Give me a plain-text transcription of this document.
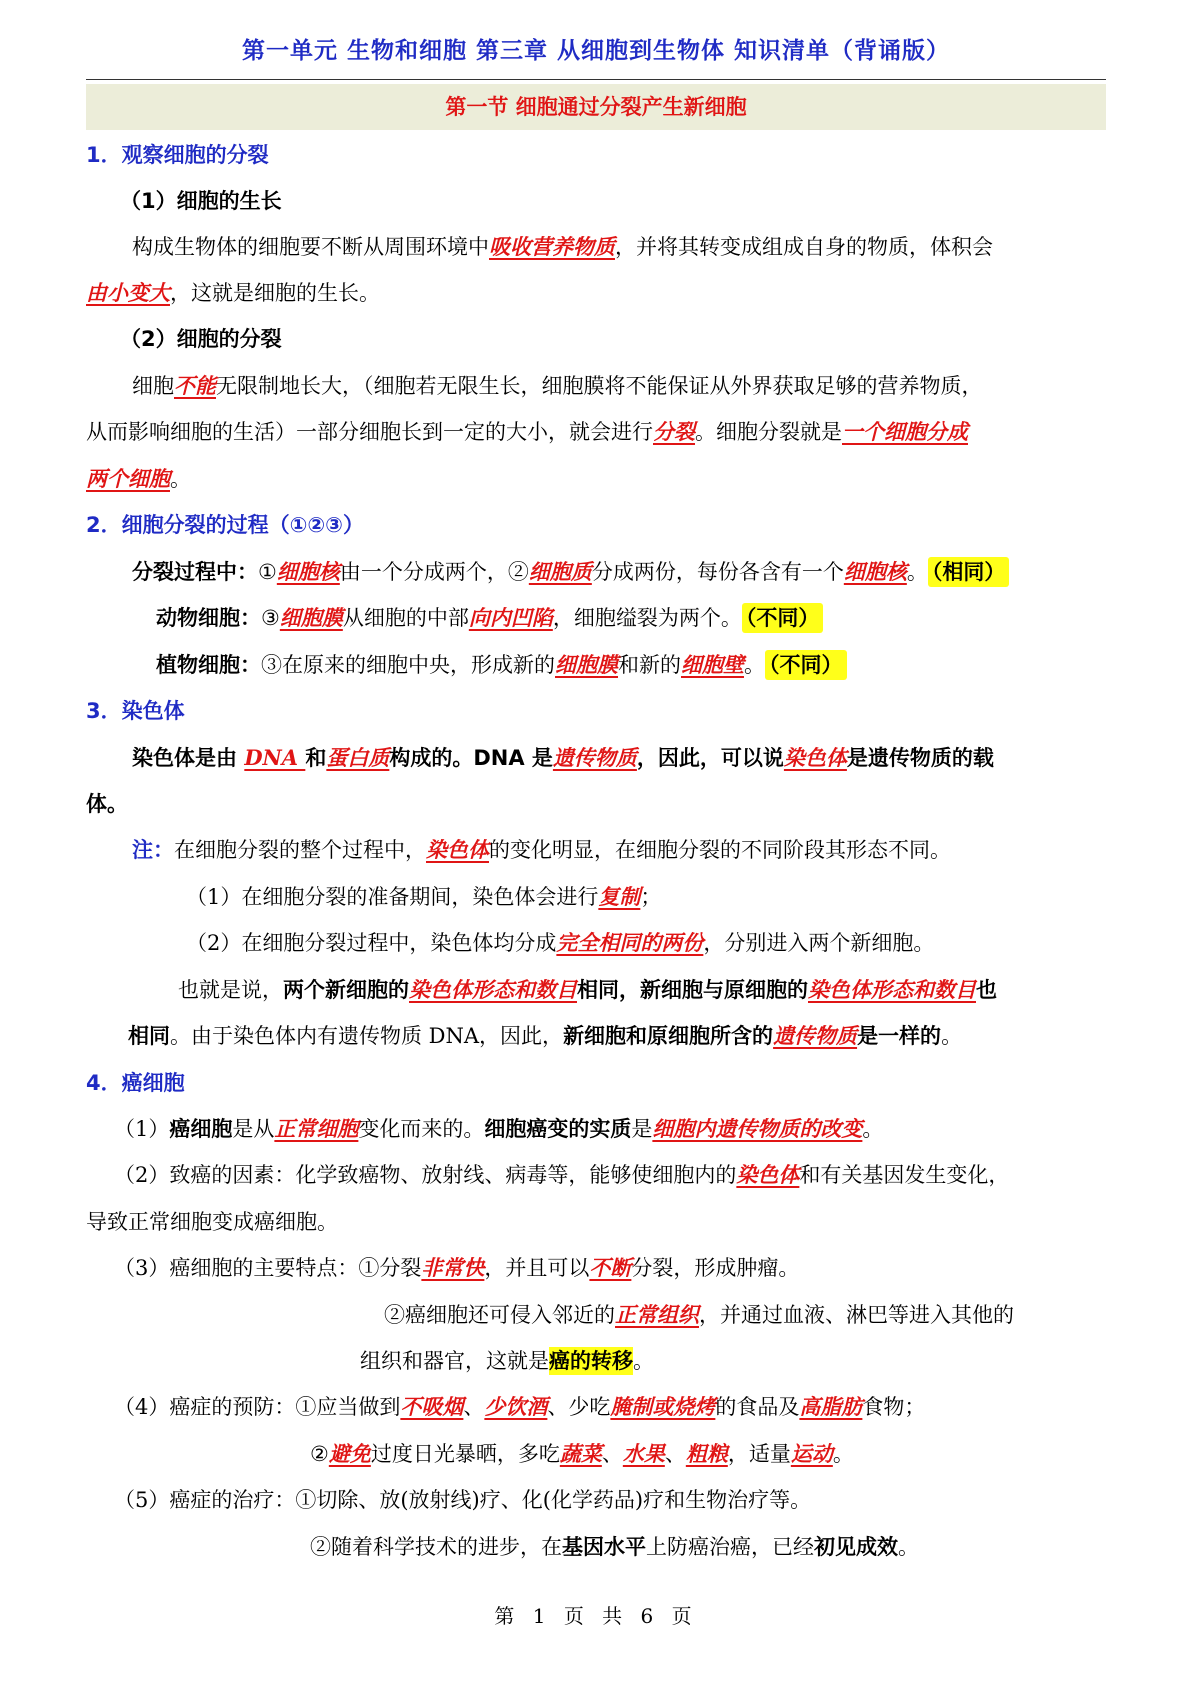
第一单元 生物和细胞 第三章 从细胞到生物体 知识清单（背诵版）
第一节 细胞通过分裂产生新细胞
1．观察细胞的分裂
（1）细胞的生长
构成生物体的细胞要不断从周围环境中吸收营养物质，并将其转变成组成自身的物质，体积会
由小变大，这就是细胞的生长。
（2）细胞的分裂
细胞不能无限制地长大，（细胞若无限生长，细胞膜将不能保证从外界获取足够的营养物质，
从而影响细胞的生活）一部分细胞长到一定的大小，就会进行分裂。细胞分裂就是一个细胞分成
两个细胞。
2．细胞分裂的过程（①②③）
分裂过程中：①细胞核由一个分成两个，②细胞质分成两份，每份各含有一个细胞核。 （相同）
动物细胞：③细胞膜从细胞的中部向内凹陷，细胞缢裂为两个。 （不同）
植物细胞：③在原来的细胞中央，形成新的细胞膜和新的细胞壁。 （不同）
3．染色体
染色体是由 DNA 和蛋白质构成的。DNA 是遗传物质，因此，可以说染色体是遗传物质的载
体。
注：在细胞分裂的整个过程中，染色体的变化明显，在细胞分裂的不同阶段其形态不同。
（1）在细胞分裂的准备期间，染色体会进行复制；
（2）在细胞分裂过程中，染色体均分成完全相同的两份，分别进入两个新细胞。
也就是说，两个新细胞的染色体形态和数目相同，新细胞与原细胞的染色体形态和数目也
相同。由于染色体内有遗传物质 DNA，因此，新细胞和原细胞所含的遗传物质是一样的。
4．癌细胞
（1）癌细胞是从正常细胞变化而来的。细胞癌变的实质是细胞内遗传物质的改变。
（2）致癌的因素：化学致癌物、放射线、病毒等，能够使细胞内的染色体和有关基因发生变化，
导致正常细胞变成癌细胞。
（3）癌细胞的主要特点：①分裂非常快，并且可以不断分裂，形成肿瘤。
②癌细胞还可侵入邻近的正常组织，并通过血液、淋巴等进入其他的
组织和器官，这就是癌的转移。
（4）癌症的预防：①应当做到不吸烟、少饮酒、少吃腌制或烧烤的食品及高脂肪食物；
②避免过度日光暴晒，多吃蔬菜、水果、粗粮，适量运动。
（5）癌症的治疗：①切除、放(放射线)疗、化(化学药品)疗和生物治疗等。
②随着科学技术的进步，在基因水平上防癌治癌，已经初见成效。
第 1 页 共 6 页
